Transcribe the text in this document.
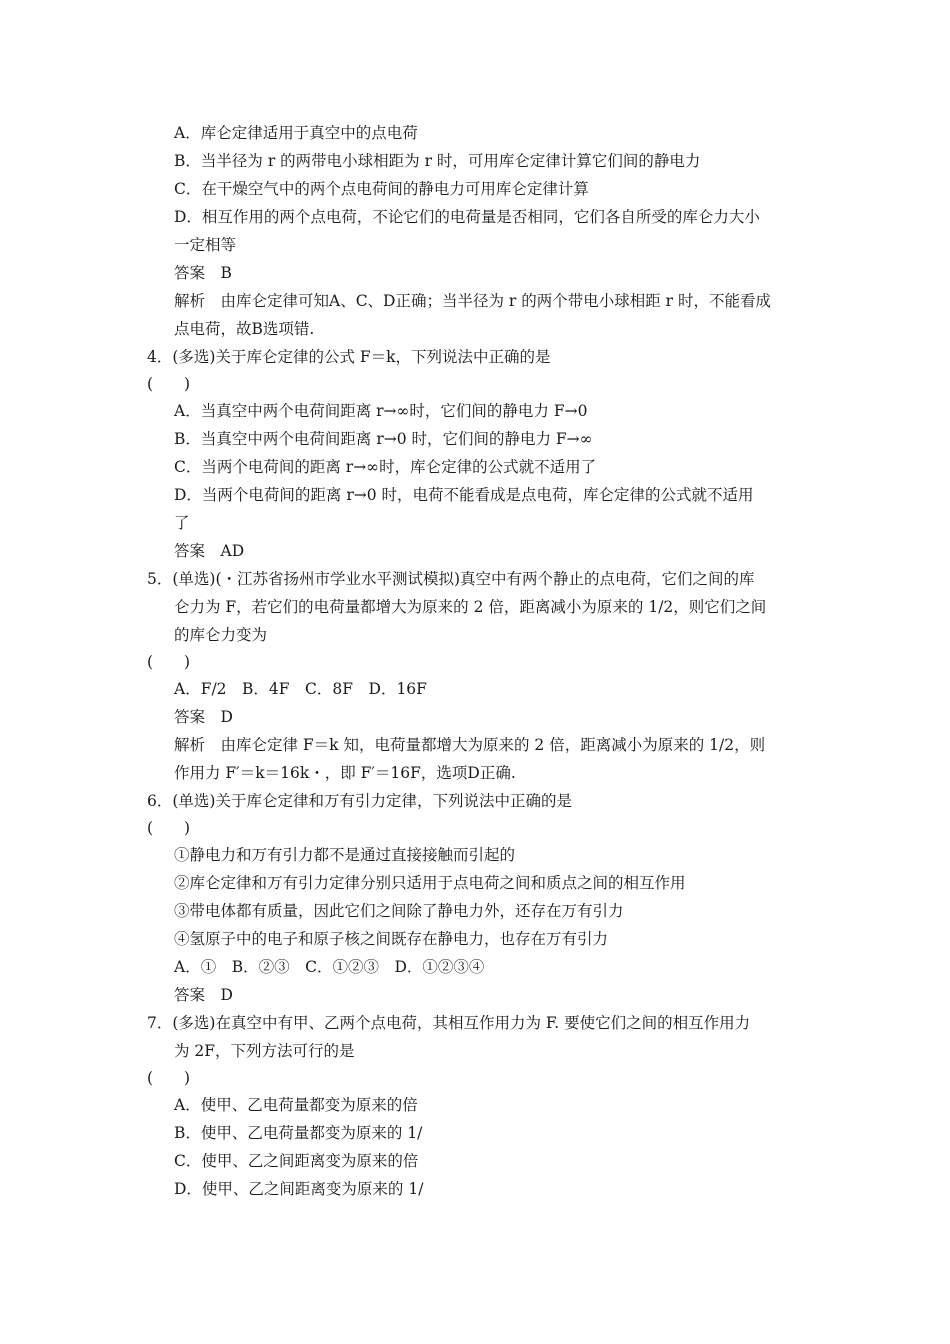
A．库仑定律适用于真空中的点电荷
B．当半径为 r 的两带电小球相距为 r 时，可用库仑定律计算它们间的静电力
C．在干燥空气中的两个点电荷间的静电力可用库仑定律计算
D．相互作用的两个点电荷，不论它们的电荷量是否相同，它们各自所受的库仑力大小
一定相等
答案　B
解析　由库仑定律可知A、C、D正确；当半径为 r 的两个带电小球相距 r 时，不能看成
点电荷，故B选项错.
4．(多选)关于库仑定律的公式 F＝k，下列说法中正确的是
(　　)
A．当真空中两个电荷间距离 r→∞时，它们间的静电力 F→0
B．当真空中两个电荷间距离 r→0 时，它们间的静电力 F→∞
C．当两个电荷间的距离 r→∞时，库仑定律的公式就不适用了
D．当两个电荷间的距离 r→0 时，电荷不能看成是点电荷，库仑定律的公式就不适用
了
答案　AD
5．(单选)(・江苏省扬州市学业水平测试模拟)真空中有两个静止的点电荷，它们之间的库
仑力为 F，若它们的电荷量都增大为原来的 2 倍，距离减小为原来的 1/2，则它们之间
的库仑力变为
(　　)
A．F/2　B．4F　C．8F　D．16F
答案　D
解析　由库仑定律 F＝k 知，电荷量都增大为原来的 2 倍，距离减小为原来的 1/2，则
作用力 F′＝k＝16k・，即 F′＝16F，选项D正确.
6．(单选)关于库仑定律和万有引力定律，下列说法中正确的是
(　　)
①静电力和万有引力都不是通过直接接触而引起的
②库仑定律和万有引力定律分别只适用于点电荷之间和质点之间的相互作用
③带电体都有质量，因此它们之间除了静电力外，还存在万有引力
④氢原子中的电子和原子核之间既存在静电力，也存在万有引力
A．①　B．②③　C．①②③　D．①②③④
答案　D
7．(多选)在真空中有甲、乙两个点电荷，其相互作用力为 F. 要使它们之间的相互作用力
为 2F，下列方法可行的是
(　　)
A．使甲、乙电荷量都变为原来的倍
B．使甲、乙电荷量都变为原来的 1/
C．使甲、乙之间距离变为原来的倍
D．使甲、乙之间距离变为原来的 1/
